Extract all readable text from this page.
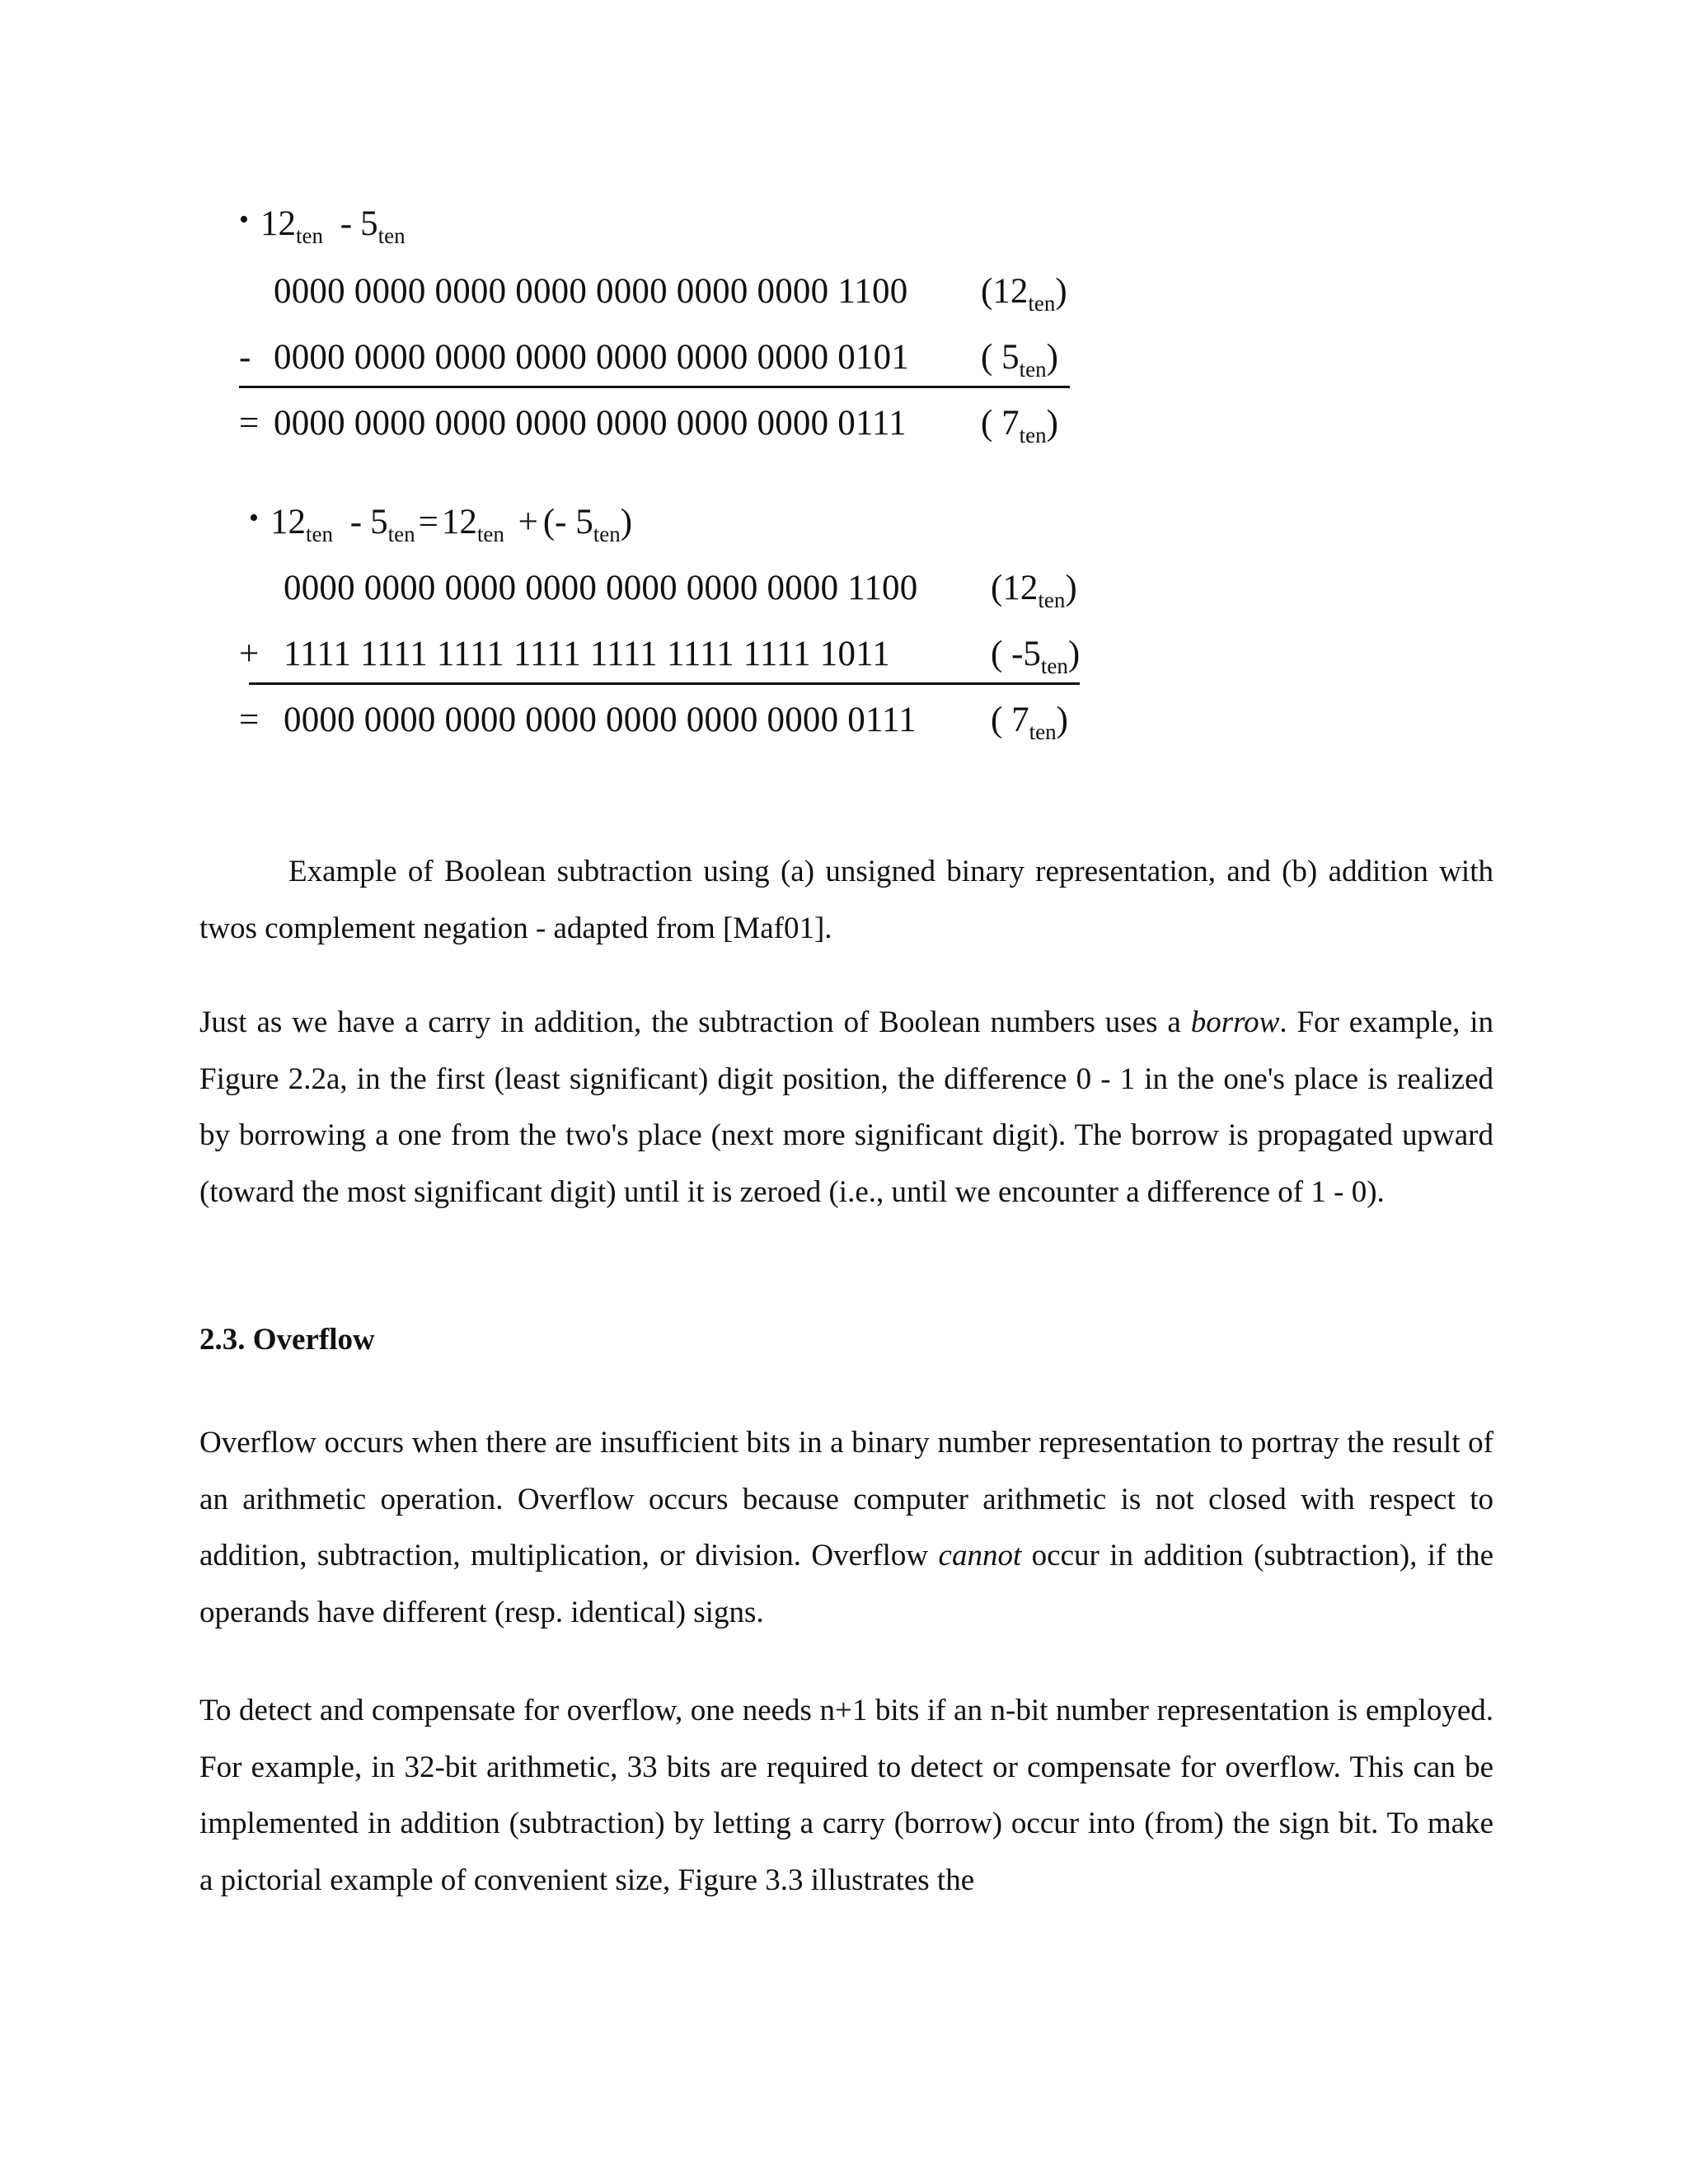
• $12_{ten} - 5_{ten}$
0000 0000 0000 0000 0000 0000 0000 1100 $(12_{ten})$
- 0000 0000 0000 0000 0000 0000 0000 0101 ( $5_{ten}$)
= 0000 0000 0000 0000 0000 0000 0000 0111 ( $7_{ten}$)
• $12_{ten} - 5_{ten}=12_{ten}$ + (- $5_{ten}$)
0000 0000 0000 0000 0000 0000 0000 1100 $(12_{ten})$
+ 1111 1111 1111 1111 1111 1111 1111 1011	( $-5_{ten}$)
= 0000 0000 0000 0000 0000 0000 0000 0111 ( $7_{ten}$)

Example of Boolean subtraction using (a) unsigned binary representation, and (b) addition with twos complement negation - adapted from [Maf01].

Just as we have a carry in addition, the subtraction of Boolean numbers uses a borrow. For example, in Figure 2.2a, in the first (least significant) digit position, the difference 0 - 1 in the one's place is realized by borrowing a one from the two's place (next more significant digit). The borrow is propagated upward (toward the most significant digit) until it is zeroed (i.e., until we encounter a difference of 1 - 0).

2.3. Overflow

Overflow occurs when there are insufficient bits in a binary number representation to portray the result of an arithmetic operation. Overflow occurs because computer arithmetic is not closed with respect to addition, subtraction, multiplication, or division. Overflow cannot occur in addition (subtraction), if the operands have different (resp. identical) signs.

To detect and compensate for overflow, one needs n+1 bits if an n-bit number representation is employed. For example, in 32-bit arithmetic, 33 bits are required to detect or compensate for overflow. This can be implemented in addition (subtraction) by letting a carry (borrow) occur into (from) the sign bit. To make a pictorial example of convenient size, Figure 3.3 illustrates the
